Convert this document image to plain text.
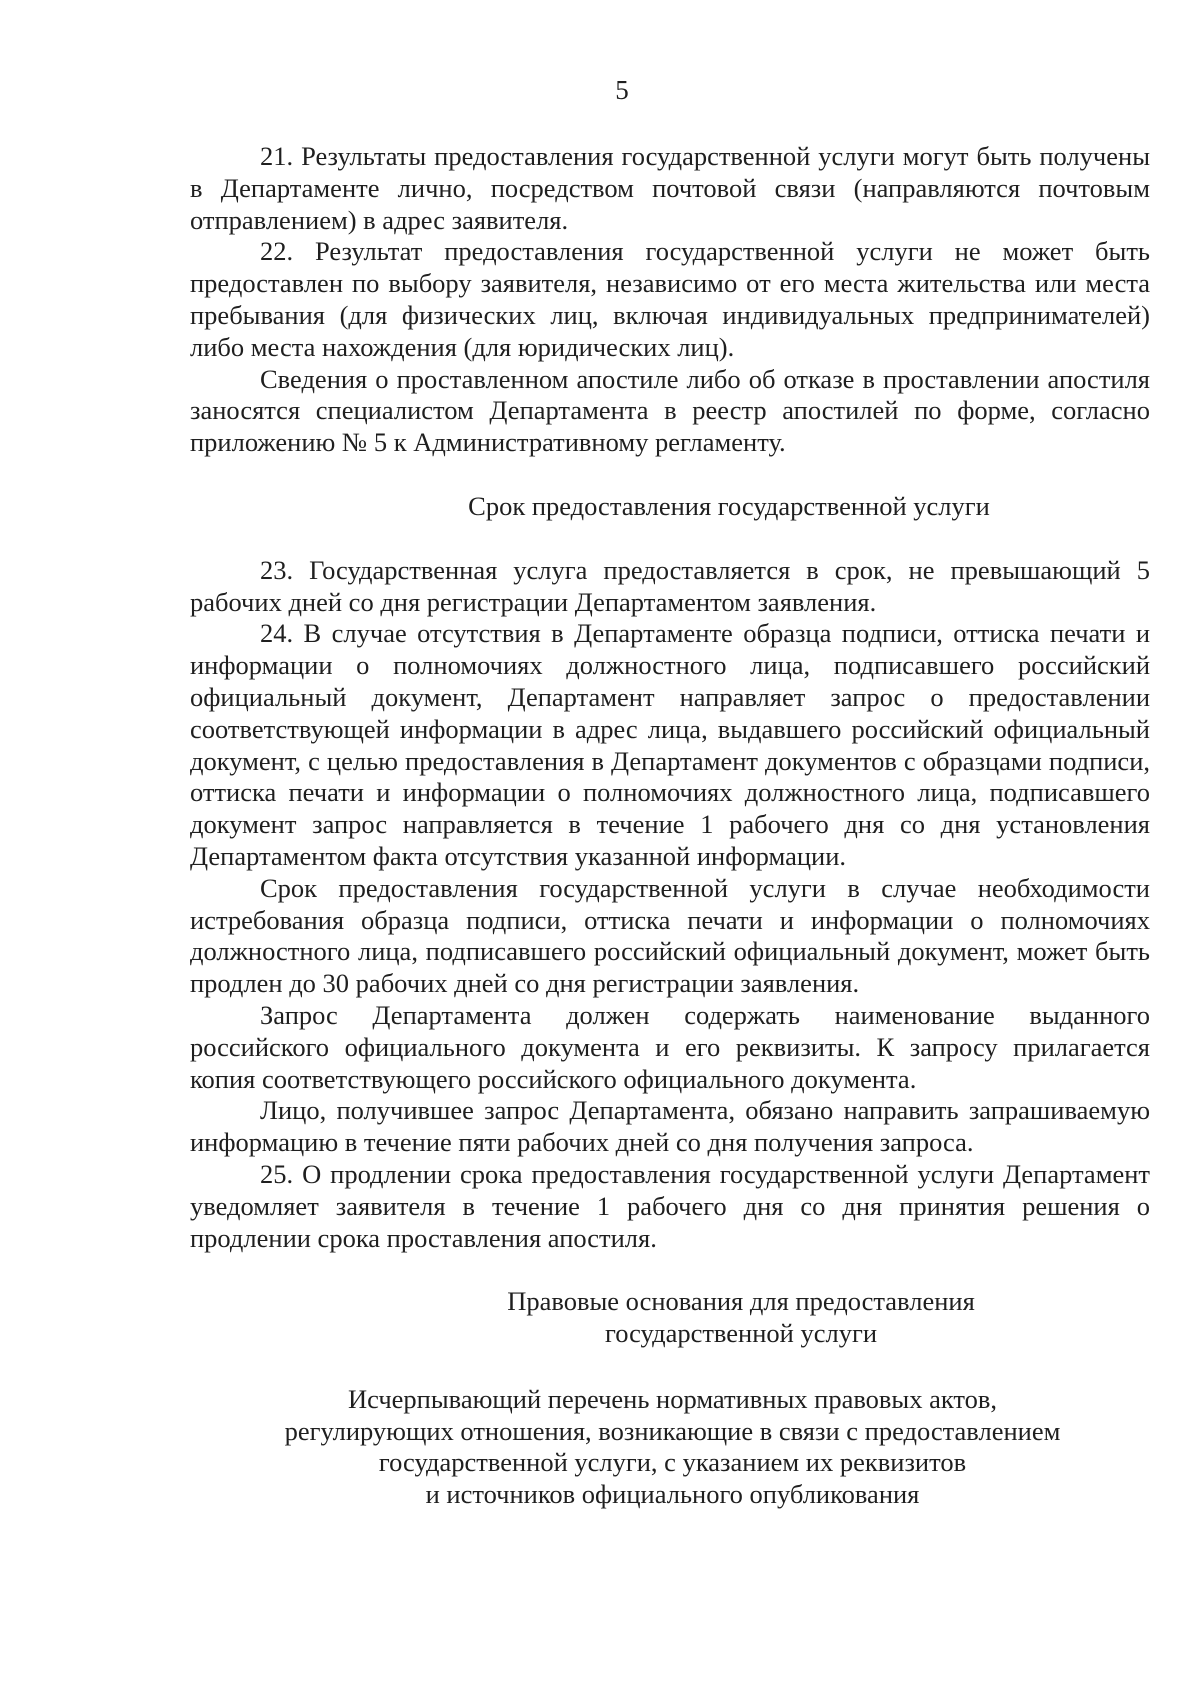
5

21. Результаты предоставления государственной услуги могут быть получены в Департаменте лично, посредством почтовой связи (направляются почтовым отправлением) в адрес заявителя.

22. Результат предоставления государственной услуги не может быть предоставлен по выбору заявителя, независимо от его места жительства или места пребывания (для физических лиц, включая индивидуальных предпринимателей) либо места нахождения (для юридических лиц).

Сведения о проставленном апостиле либо об отказе в проставлении апостиля заносятся специалистом Департамента в реестр апостилей по форме, согласно приложению № 5 к Административному регламенту.

Срок предоставления государственной услуги

23. Государственная услуга предоставляется в срок, не превышающий 5 рабочих дней со дня регистрации Департаментом заявления.

24. В случае отсутствия в Департаменте образца подписи, оттиска печати и информации о полномочиях должностного лица, подписавшего российский официальный документ, Департамент направляет запрос о предоставлении соответствующей информации в адрес лица, выдавшего российский официальный документ, с целью предоставления в Департамент документов с образцами подписи, оттиска печати и информации о полномочиях должностного лица, подписавшего документ запрос направляется в течение 1 рабочего дня со дня установления Департаментом факта отсутствия указанной информации.

Срок предоставления государственной услуги в случае необходимости истребования образца подписи, оттиска печати и информации о полномочиях должностного лица, подписавшего российский официальный документ, может быть продлен до 30 рабочих дней со дня регистрации заявления.

Запрос Департамента должен содержать наименование выданного российского официального документа и его реквизиты. К запросу прилагается копия соответствующего российского официального документа.

Лицо, получившее запрос Департамента, обязано направить запрашиваемую информацию в течение пяти рабочих дней со дня получения запроса.

25. О продлении срока предоставления государственной услуги Департамент уведомляет заявителя в течение 1 рабочего дня со дня принятия решения о продлении срока проставления апостиля.

Правовые основания для предоставления
государственной услуги

Исчерпывающий перечень нормативных правовых актов,
регулирующих отношения, возникающие в связи с предоставлением
государственной услуги, с указанием их реквизитов
и источников официального опубликования
